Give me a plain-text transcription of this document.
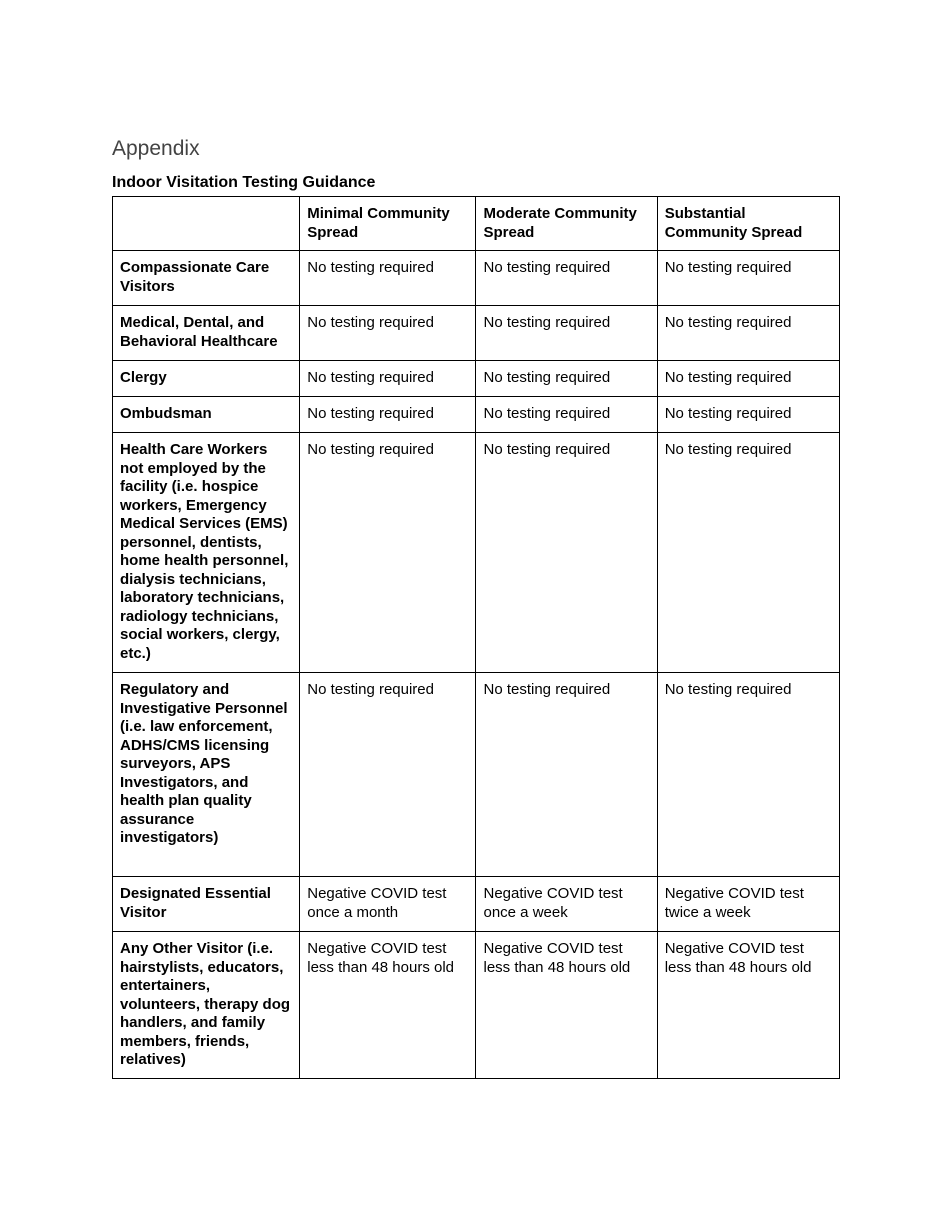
Appendix
Indoor Visitation Testing Guidance
	Minimal Community Spread	Moderate Community Spread	Substantial Community Spread
Compassionate Care Visitors	No testing required	No testing required	No testing required
Medical, Dental, and Behavioral Healthcare	No testing required	No testing required	No testing required
Clergy	No testing required	No testing required	No testing required
Ombudsman	No testing required	No testing required	No testing required
Health Care Workers not employed by the facility (i.e. hospice workers, Emergency Medical Services (EMS) personnel, dentists, home health personnel, dialysis technicians, laboratory technicians, radiology technicians, social workers, clergy, etc.)	No testing required	No testing required	No testing required
Regulatory and Investigative Personnel (i.e. law enforcement, ADHS/CMS licensing surveyors, APS Investigators, and health plan quality assurance investigators)	No testing required	No testing required	No testing required
Designated Essential Visitor	Negative COVID test once a month	Negative COVID test once a week	Negative COVID test twice a week
Any Other Visitor (i.e. hairstylists, educators, entertainers, volunteers, therapy dog handlers, and family members, friends, relatives)	Negative COVID test less than 48 hours old	Negative COVID test less than 48 hours old	Negative COVID test less than 48 hours old
